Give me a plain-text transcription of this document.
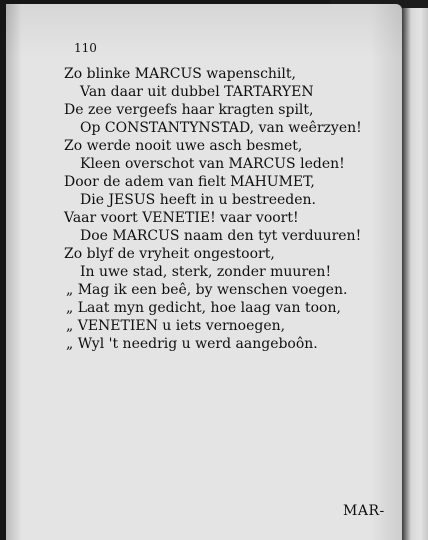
110
Zo blinke MARCUS wapenschilt,
Van daar uit dubbel TARTARYEN
De zee vergeefs haar kragten spilt,
Op CONSTANTYNSTAD, van weêrzyen!
Zo werde nooit uwe asch besmet,
Kleen overschot van MARCUS leden!
Door de adem van fielt MAHUMET,
Die JESUS heeft in u bestreeden.
Vaar voort VENETIE! vaar voort!
Doe MARCUS naam den tyt verduuren!
Zo blyf de vryheit ongestoort,
In uwe stad, sterk, zonder muuren!
„ Mag ik een beê, by wenschen voegen.
„ Laat myn gedicht, hoe laag van toon,
„ VENETIEN u iets vernoegen,
„ Wyl 't needrig u werd aangeboôn.
MAR-
